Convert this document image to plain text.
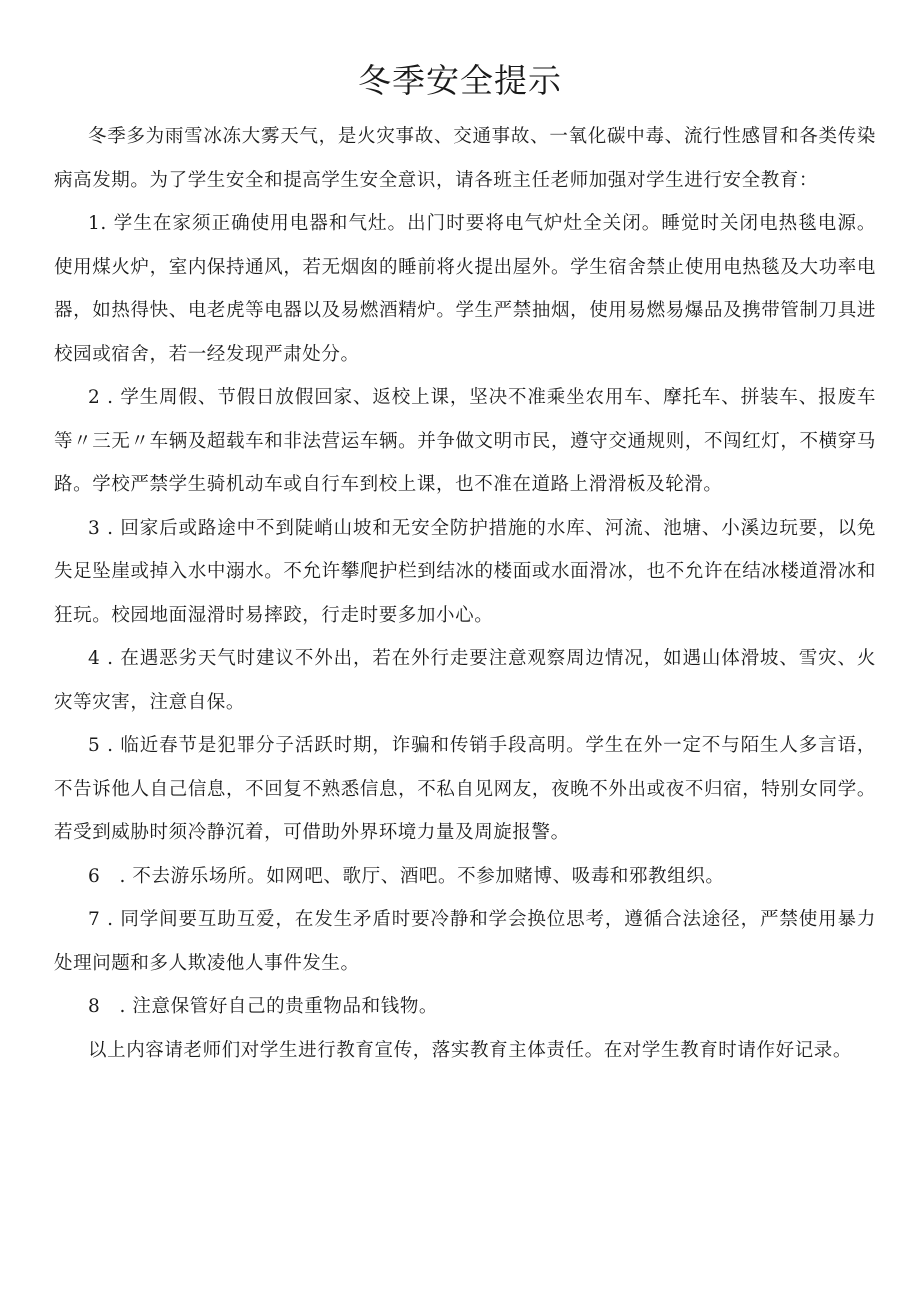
冬季安全提示

冬季多为雨雪冰冻大雾天气，是火灾事故、交通事故、一氧化碳中毒、流行性感冒和各类传染病高发期。为了学生安全和提高学生安全意识，请各班主任老师加强对学生进行安全教育：

1. 学生在家须正确使用电器和气灶。出门时要将电气炉灶全关闭。睡觉时关闭电热毯电源。使用煤火炉，室内保持通风，若无烟囱的睡前将火提出屋外。学生宿舍禁止使用电热毯及大功率电器，如热得快、电老虎等电器以及易燃酒精炉。学生严禁抽烟，使用易燃易爆品及携带管制刀具进校园或宿舍，若一经发现严肃处分。

2 . 学生周假、节假日放假回家、返校上课，坚决不准乘坐农用车、摩托车、拼装车、报废车等〃三无〃车辆及超载车和非法营运车辆。并争做文明市民，遵守交通规则，不闯红灯，不横穿马路。学校严禁学生骑机动车或自行车到校上课，也不准在道路上滑滑板及轮滑。

3 . 回家后或路途中不到陡峭山坡和无安全防护措施的水库、河流、池塘、小溪边玩要，以免失足坠崖或掉入水中溺水。不允许攀爬护栏到结冰的楼面或水面滑冰，也不允许在结冰楼道滑冰和狂玩。校园地面湿滑时易摔跤，行走时要多加小心。

4 . 在遇恶劣天气时建议不外出，若在外行走要注意观察周边情况，如遇山体滑坡、雪灾、火灾等灾害，注意自保。

5 . 临近春节是犯罪分子活跃时期，诈骗和传销手段高明。学生在外一定不与陌生人多言语，不告诉他人自己信息，不回复不熟悉信息，不私自见网友，夜晚不外出或夜不归宿，特别女同学。若受到威胁时须冷静沉着，可借助外界环境力量及周旋报警。

6　. 不去游乐场所。如网吧、歌厅、酒吧。不参加赌博、吸毒和邪教组织。

7 . 同学间要互助互爱，在发生矛盾时要冷静和学会换位思考，遵循合法途径，严禁使用暴力处理问题和多人欺凌他人事件发生。

8　. 注意保管好自己的贵重物品和钱物。

以上内容请老师们对学生进行教育宣传，落实教育主体责任。在对学生教育时请作好记录。
